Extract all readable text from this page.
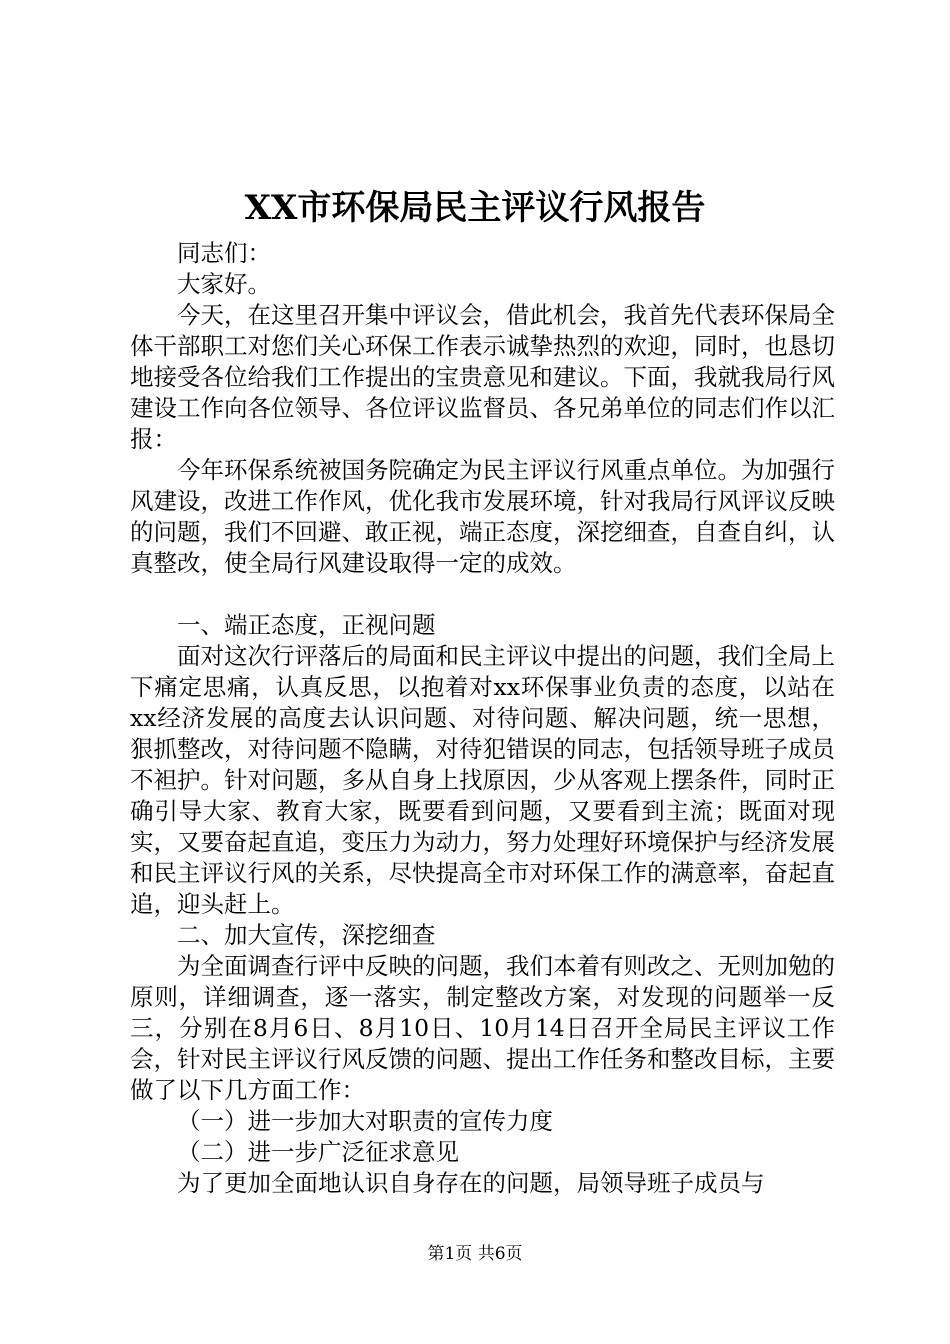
XX市环保局民主评议行风报告

同志们：

大家好。

今天，在这里召开集中评议会，借此机会，我首先代表环保局全体干部职工对您们关心环保工作表示诚挚热烈的欢迎，同时，也恳切地接受各位给我们工作提出的宝贵意见和建议。下面，我就我局行风建设工作向各位领导、各位评议监督员、各兄弟单位的同志们作以汇报：

今年环保系统被国务院确定为民主评议行风重点单位。为加强行风建设，改进工作作风，优化我市发展环境，针对我局行风评议反映的问题，我们不回避、敢正视，端正态度，深挖细查，自查自纠，认真整改，使全局行风建设取得一定的成效。

一、端正态度，正视问题

面对这次行评落后的局面和民主评议中提出的问题，我们全局上下痛定思痛，认真反思，以抱着对xx环保事业负责的态度，以站在xx经济发展的高度去认识问题、对待问题、解决问题，统一思想，狠抓整改，对待问题不隐瞒，对待犯错误的同志，包括领导班子成员不袒护。针对问题，多从自身上找原因，少从客观上摆条件，同时正确引导大家、教育大家，既要看到问题，又要看到主流；既面对现实，又要奋起直追，变压力为动力，努力处理好环境保护与经济发展和民主评议行风的关系，尽快提高全市对环保工作的满意率，奋起直追，迎头赶上。

二、加大宣传，深挖细查

为全面调查行评中反映的问题，我们本着有则改之、无则加勉的原则，详细调查，逐一落实，制定整改方案，对发现的问题举一反三，分别在8月6日、8月10日、10月14日召开全局民主评议工作会，针对民主评议行风反馈的问题、提出工作任务和整改目标，主要做了以下几方面工作：

（一）进一步加大对职责的宣传力度

（二）进一步广泛征求意见

为了更加全面地认识自身存在的问题，局领导班子成员与

第1页 共6页
